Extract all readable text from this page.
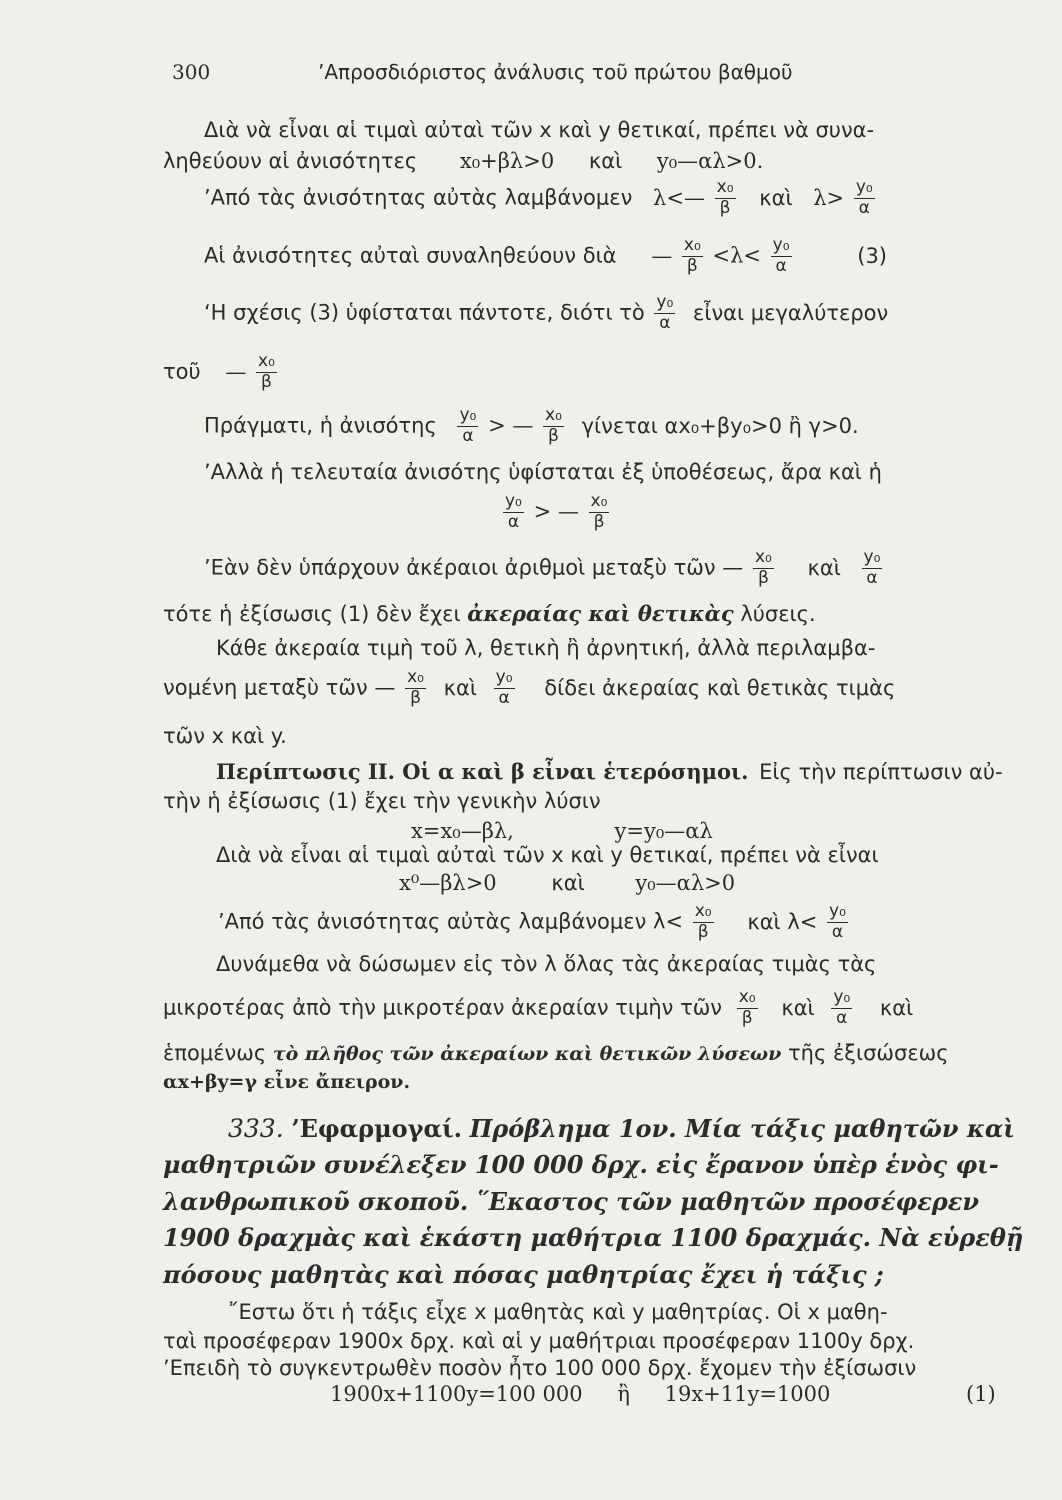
300	’Απροσδιόριστος ἀνάλυσις τοῦ πρώτου βαθμοῦ
Διὰ νὰ εἶναι αἱ τιμαὶ αὐταὶ τῶν x καὶ y θετικαί, πρέπει νὰ συνα-
ληθεύουν αἱ ἀνισότητες x₀+βλ>0 καὶ y₀—αλ>0.
’Από τὰς ἀνισότητας αὐτὰς λαμβάνομεν λ<— $\frac{\text{x₀}}{\beta}$ καὶ $\lambda> \frac{\text{y₀}}{\alpha}$
Αἱ ἀνισότητες αὐταὶ συναληθεύουν διὰ — $\frac{\text{x₀}}{\beta} <\lambda< \frac{\text{y₀}}{\alpha}$	(3)
‘Η σχέσις (3) ὑφίσταται πάντοτε, διότι τὸ $\frac{\text{y₀}}{\alpha}$ εἶναι μεγαλύτερον
τοῦ — $\frac{\text{x₀}}{\beta}$
Πράγματι, ἡ ἀνισότης $\frac{\text{y₀}}{\alpha}$ > — $\frac{\text{x₀}}{\beta}$ γίνεται αx₀+βy₀>0 ἢ γ>0.
’Αλλὰ ἡ τελευταία ἀνισότης ὑφίσταται ἐξ ὑποθέσεως, ἄρα καὶ ἡ
$\frac{\text{y₀}}{\alpha}$ > — $\frac{\text{x₀}}{\beta}$
’Εὰν δὲν ὑπάρχουν ἀκέραιοι ἀριθμοὶ μεταξὺ τῶν — $\frac{\text{x₀}}{\beta}$ καὶ $\frac{\text{y₀}}{\alpha}$
τότε ἡ ἐξίσωσις (1) δὲν ἔχει ἀκεραίας καὶ θετικὰς λύσεις.
Κάθε ἀκεραία τιμὴ τοῦ λ, θετικὴ ἢ ἀρνητική, ἀλλὰ περιλαμβα-
νομένη μεταξὺ τῶν — $\frac{\text{x₀}}{\beta}$ καὶ $\frac{\text{y₀}}{\alpha}$ δίδει ἀκεραίας καὶ θετικὰς τιμὰς
τῶν x καὶ y.
Περίπτωσις II. Οἱ α καὶ β εἶναι ἑτερόσημοι. Εἰς τὴν περίπτωσιν αὐ-
τὴν ἡ ἐξίσωσις (1) ἔχει τὴν γενικὴν λύσιν
x=x₀—βλ,	y=y₀—αλ
Διὰ νὰ εἶναι αἱ τιμαὶ αὐταὶ τῶν x καὶ y θετικαί, πρέπει νὰ εἶναι
x⁰—βλ>0	καὶ y₀—αλ>0
’Από τὰς ἀνισότητας αὐτὰς λαμβάνομεν $\lambda< \frac{\text{x₀}}{\beta}$ καὶ $\lambda< \frac{\text{y₀}}{\alpha}$
Δυνάμεθα νὰ δώσωμεν εἰς τὸν λ ὅλας τὰς ἀκεραίας τιμὰς τὰς
μικροτέρας ἀπὸ τὴν μικροτέραν ἀκεραίαν τιμὴν τῶν $\frac{\text{x₀}}{\beta}$ καὶ $\frac{\text{y₀}}{\alpha}$ καὶ
ἑπομένως τὸ πλῆθος τῶν ἀκεραίων καὶ θετικῶν λύσεων τῆς ἐξισώσεως
αx+βy=γ εἶνε ἄπειρον.
333. ’Εφαρμογαί. Πρόβλημα 1ον. Μία τάξις μαθητῶν καὶ
μαθητριῶν συνέλεξεν 100 000 δρχ. εἰς ἔρανον ὑπὲρ ἑνὸς φι-
λανθρωπικοῦ σκοποῦ. ῞Εκαστος τῶν μαθητῶν προσέφερεν
1900 δραχμὰς καὶ ἑκάστη μαθήτρια 1100 δραχμάς. Νὰ εὑρεθῇ
πόσους μαθητὰς καὶ πόσας μαθητρίας ἔχει ἡ τάξις ;
῎Εστω ὅτι ἡ τάξις εἶχε x μαθητὰς καὶ y μαθητρίας. Οἱ x μαθη-
ταὶ προσέφεραν 1900x δρχ. καὶ αἱ y μαθήτριαι προσέφεραν 1100y δρχ.
’Επειδὴ τὸ συγκεντρωθὲν ποσὸν ἦτο 100 000 δρχ. ἔχομεν τὴν ἐξίσωσιν
1900x+1100y=100 000 ἢ 19x+11y=1000	(1)
